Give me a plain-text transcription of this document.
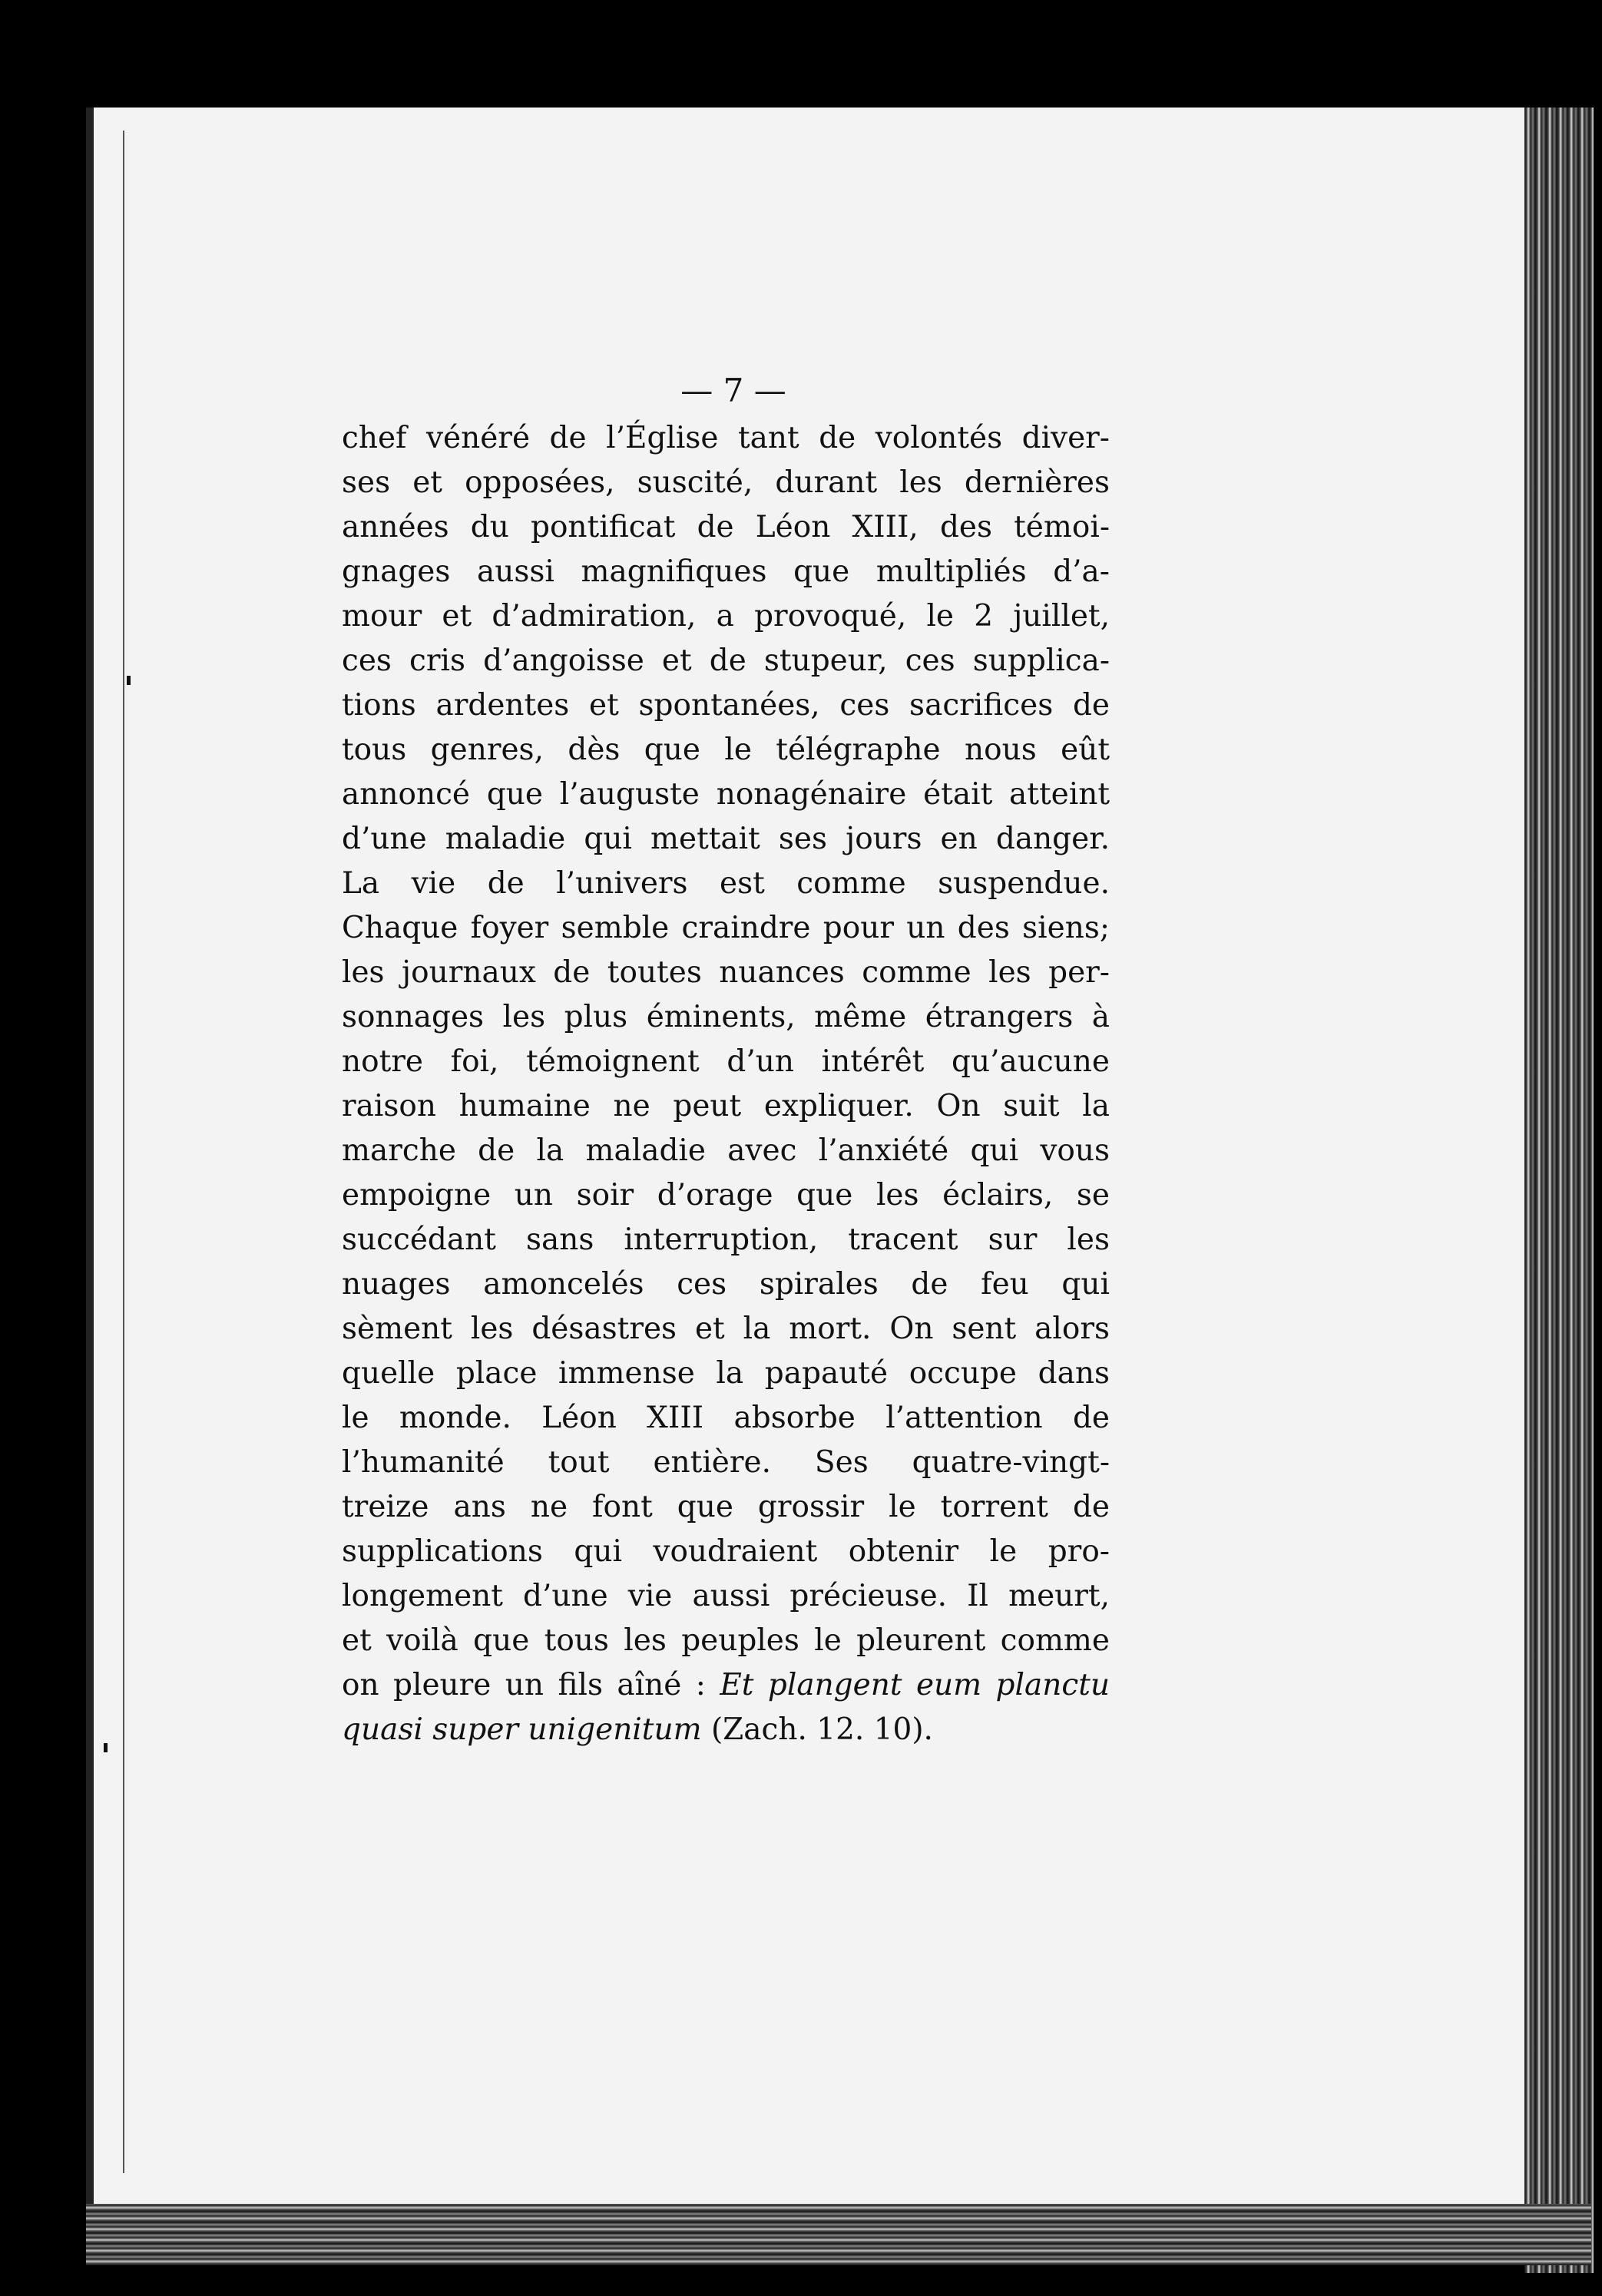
— 7 —
chef vénéré de l’Église tant de volontés diver-
ses et opposées, suscité, durant les dernières
années du pontificat de Léon XIII, des témoi-
gnages aussi magnifiques que multipliés d’a-
mour et d’admiration, a provoqué, le 2 juillet,
ces cris d’angoisse et de stupeur, ces supplica-
tions ardentes et spontanées, ces sacrifices de
tous genres, dès que le télégraphe nous eût
annoncé que l’auguste nonagénaire était atteint
d’une maladie qui mettait ses jours en danger.
La vie de l’univers est comme suspendue.
Chaque foyer semble craindre pour un des siens;
les journaux de toutes nuances comme les per-
sonnages les plus éminents, même étrangers à
notre foi, témoignent d’un intérêt qu’aucune
raison humaine ne peut expliquer. On suit la
marche de la maladie avec l’anxiété qui vous
empoigne un soir d’orage que les éclairs, se
succédant sans interruption, tracent sur les
nuages amoncelés ces spirales de feu qui
sèment les désastres et la mort. On sent alors
quelle place immense la papauté occupe dans
le monde. Léon XIII absorbe l’attention de
l’humanité tout entière. Ses quatre-vingt-
treize ans ne font que grossir le torrent de
supplications qui voudraient obtenir le pro-
longement d’une vie aussi précieuse. Il meurt,
et voilà que tous les peuples le pleurent comme
on pleure un fils aîné : Et plangent eum planctu
quasi super unigenitum (Zach. 12. 10).
